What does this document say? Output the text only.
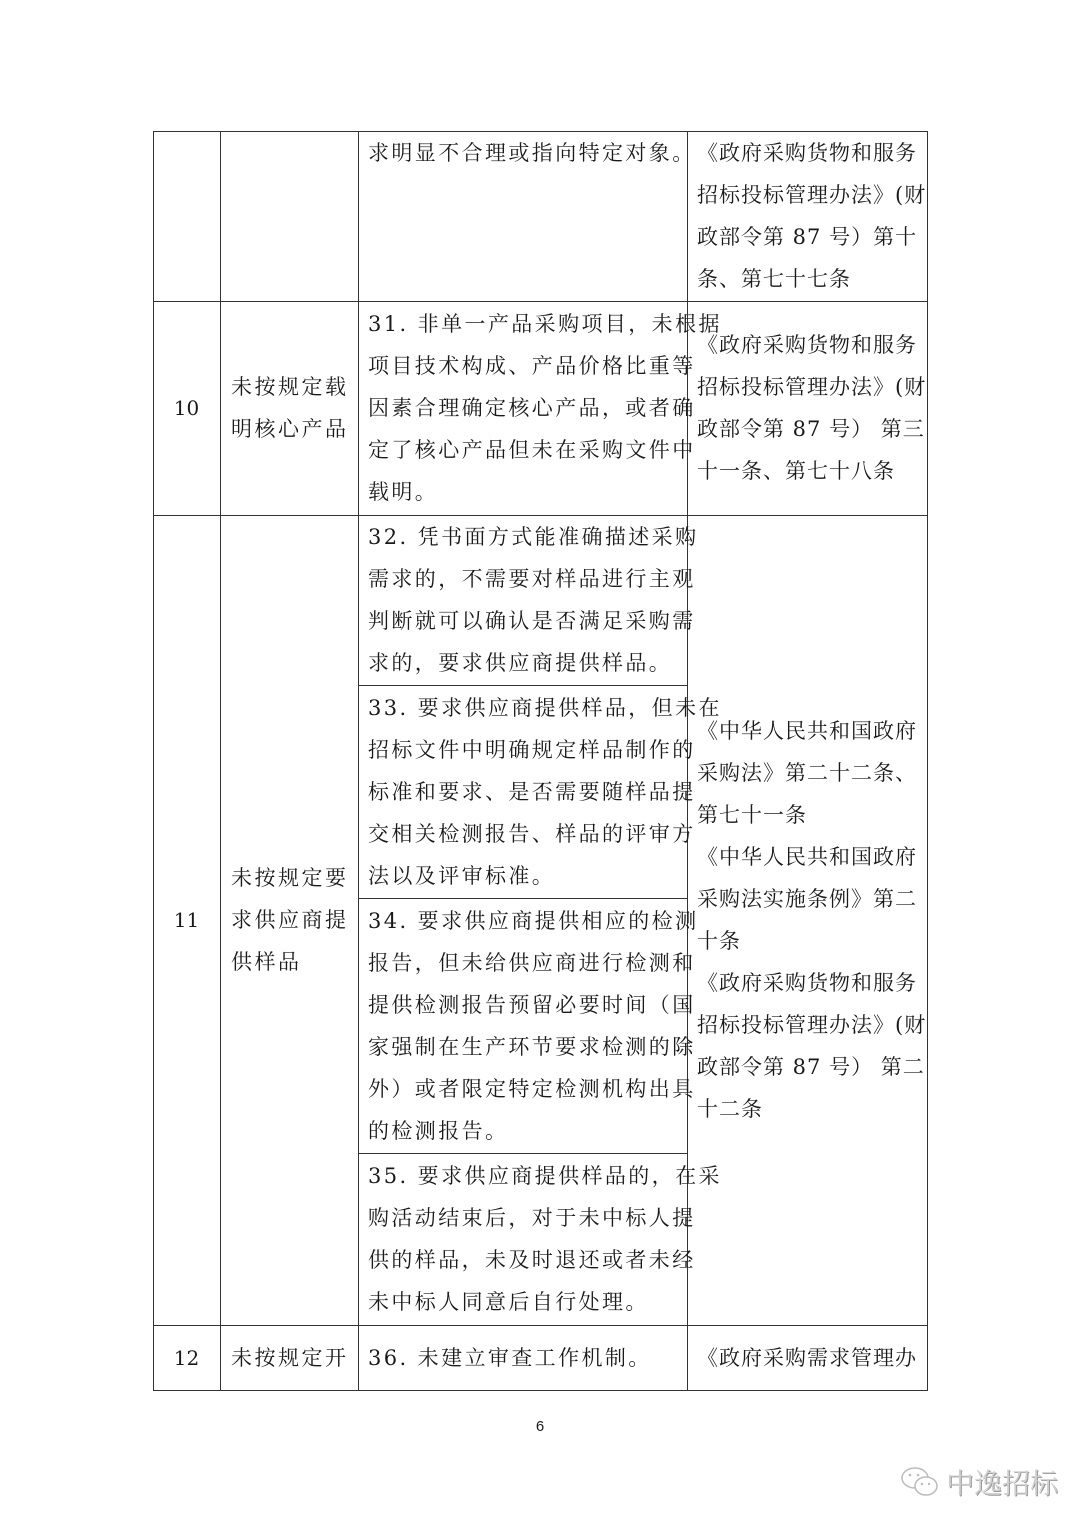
求明显不合理或指向特定对象。 《政府采购货物和服务
招标投标管理办法》(财
政部令第 87 号）第十
条、第七十七条
10
未按规定载
明核心产品
31. 非单一产品采购项目，未根据
项目技术构成、产品价格比重等
因素合理确定核心产品，或者确
定了核心产品但未在采购文件中
载明。
《政府采购货物和服务
招标投标管理办法》(财
政部令第 87 号） 第三
十一条、第七十八条
11
未按规定要
求供应商提
供样品
32. 凭书面方式能准确描述采购
需求的，不需要对样品进行主观
判断就可以确认是否满足采购需
求的，要求供应商提供样品。
33. 要求供应商提供样品，但未在
招标文件中明确规定样品制作的
标准和要求、是否需要随样品提
交相关检测报告、样品的评审方
法以及评审标准。
34. 要求供应商提供相应的检测
报告，但未给供应商进行检测和
提供检测报告预留必要时间（国
家强制在生产环节要求检测的除
外）或者限定特定检测机构出具
的检测报告。
35. 要求供应商提供样品的，在采
购活动结束后，对于未中标人提
供的样品，未及时退还或者未经
未中标人同意后自行处理。
《中华人民共和国政府
采购法》第二十二条、
第七十一条
《中华人民共和国政府
采购法实施条例》第二
十条
《政府采购货物和服务
招标投标管理办法》(财
政部令第 87 号） 第二
十二条
12	未按规定开 36. 未建立审查工作机制。 《政府采购需求管理办
6
中逸招标
